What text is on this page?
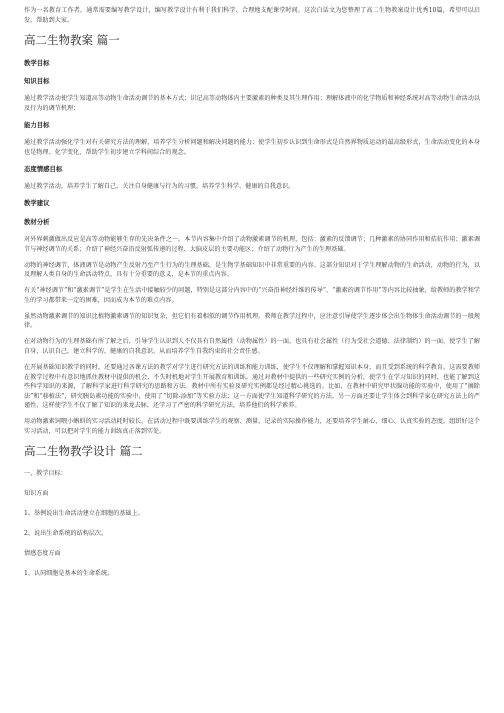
作为一名教育工作者，通常需要编写教学设计，编写教学设计有利于我们科学、合理地支配课堂时间。这次白话文为您整理了高二生物教案设计优秀10篇，希望可以启发、帮助到大家。

高二生物教案 篇一
教学目标
知识目标

通过教学活动使学生知道高等动物生命活动调节的基本方式；识记高等动物体内主要激素的种类及其生理作用；理解体液中的化学物质和神经系统对高等动物生命活动以及行为的调节机理；

能力目标

通过教学活动强化学生对有关研究方法的理解，培养学生分析问题和解决问题的能力；使学生初步认识到生命形式是自然界物质运动的最高级形式，生命活动变化的本身也是物理、化学变化，帮助学生初步建立学科间综合的观念。

态度情感目标

通过教学活动，培养学生了解自己、关注自身健康与行为的习惯，培养学生科学、健康的自我意识。

教学建议
教材分析

对外界刺激做出反应是高等动物能够生存的先决条件之一。本节内容集中介绍了动物激素调节的机理，包括：激素的反馈调节；几种激素的协同作用和拮抗作用；激素调节与神经调节的关系；介绍了神经兴奋沿反射弧传递的过程、大脑皮层的主要功能区；介绍了动物行为产生的生理基础。

动物的神经调节、体液调节是动物产生反射乃至产生行为的生理基础，是生物学基础知识中非常重要的内容。这部分知识对于学生理解动物的生命活动，动物的行为，以及理解人类自身的生命活动特点，具有十分重要的意义，是本节的重点内容。

有关“神经调节”和“激素调节”是学生在生活中接触较少的问题，特别是这部分内容中的“兴奋沿神经纤维的传导”、“激素的调节作用”等内容比较抽象，给教师的教学和学生的学习都带来一定的困难，因而成为本节的难点内容。

虽然动物激素调节的知识比植物激素调节的知识复杂，但它们有着相似的调节作用机理。教师在教学过程中，应注意引导使学生逐步体会出生物体生命活动调节的一般规律。

在对动物行为的生理基础有所了解之后，引导学生认识到人不仅具有自然属性（动物属性）的一面，也具有社会属性（行为受社会道德、法律制约）的一面，使学生了解自身，认识自己，建立科学的、健康的自我意识。从而培养学生自我约束的社会责任感。

在开展基础知识教学的同时，还要通过各课方法的教学对学生进行研究方法的训练和能力训练，使学生不仅理解和掌握知识本身，而且受到系统的科学教育。这需要教师在教学过程中有意识地抓住教材中提供的机会，不失时机地对学生开展教育和训练。通过对教材中提供的一些研究实例的分析，使学生在学习知识的同时，也能了解到这些科学知识的来源，了解科学家进行科学研究的思路和方法。教材中所有实验及研究实例都是经过精心挑选的。比如，在教材中研究甲状腺功能的实验中，使用了“摘除法”和“移植法”，研究胰岛素功能的实验中，使用了“切除-添加”等实验方法；这一方面使学生知道科学研究的方法，另一方面还要让学生体会到科学家在研究方法上的严谨性，这样使学生不仅了解了知识的来龙去脉，还学习了严密的科学研究方法，培养他们的科学素养。

用动物激素饲喂小蝌蚪的实习活动耗时较长。在活动过程中既要训练学生的观察、测量、记录的实际操作能力，还要培养学生耐心、细心、认真实验的态度。组织好这个实习活动，可以把对学生的能力训练真正落到实处。

高二生物教学设计 篇二

一、教学目标：

知识方面

1、举例说出生命活动建立在细胞的基础上。

2、说出生命系统的结构层次。

情感态度方面

1、认同细胞是基本的生命系统。
